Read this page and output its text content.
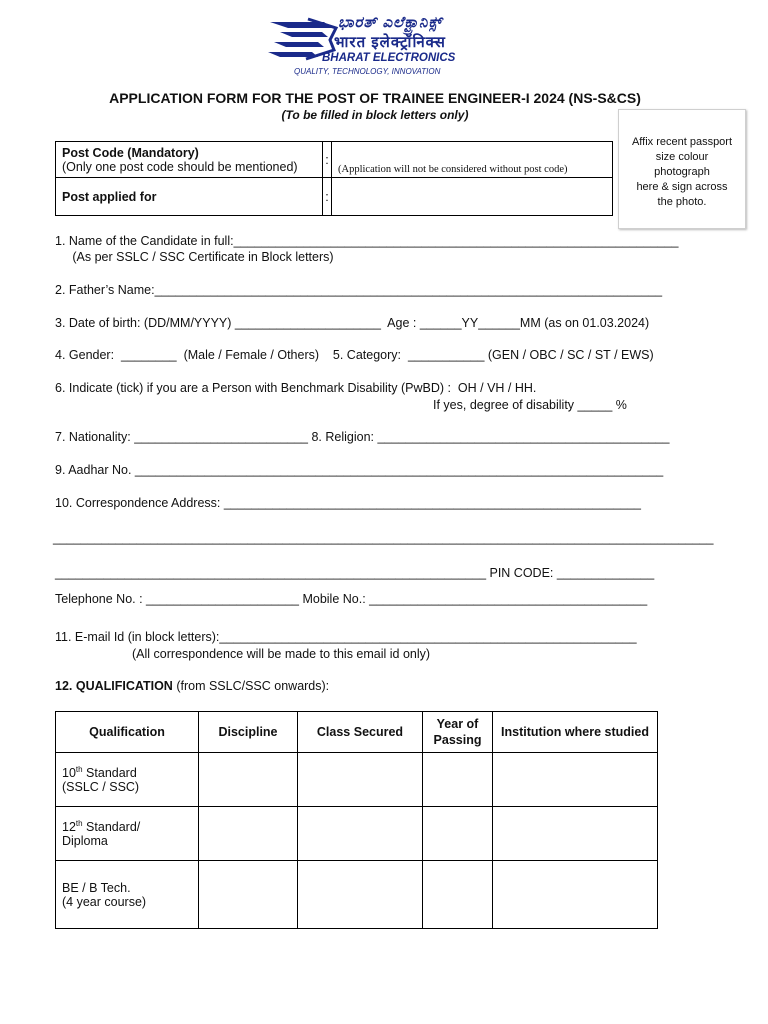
ಭಾರತ್ ಎಲೆಕ್ಟ್ರಾನಿಕ್ಸ್
भारत इलेक्ट्रॉनिक्स
BHARAT ELECTRONICS
QUALITY, TECHNOLOGY, INNOVATION
APPLICATION FORM FOR THE POST OF TRAINEE ENGINEER-I 2024 (NS-S&CS)
(To be filled in block letters only)
Affix recent passport
size colour
photograph
here & sign across
the photo.
Post Code (Mandatory)
(Only one post code should be mentioned)	:	(Application will not be considered without post code)
Post applied for	:	
1. Name of the Candidate in full:________________________________________________________________
(As per SSLC / SSC Certificate in Block letters)
2. Father’s Name:_________________________________________________________________________
3. Date of birth: (DD/MM/YYYY) _____________________  Age : ______YY______MM (as on 01.03.2024)
4. Gender:  ________  (Male / Female / Others)    5. Category:  ___________ (GEN / OBC / SC / ST / EWS)
6. Indicate (tick) if you are a Person with Benchmark Disability (PwBD) :  OH / VH / HH.
If yes, degree of disability _____ %
7. Nationality: _________________________ 8. Religion: __________________________________________
9. Aadhar No. ____________________________________________________________________________
10. Correspondence Address: ____________________________________________________________
_______________________________________________________________________________________________
______________________________________________________________ PIN CODE: ______________
Telephone No. : ______________________ Mobile No.: ________________________________________
11. E-mail Id (in block letters):____________________________________________________________
(All correspondence will be made to this email id only)
12. QUALIFICATION (from SSLC/SSC onwards):
Qualification	Discipline	Class Secured	Year of Passing	Institution where studied

10th Standard
(SSLC / SSC)				

12th Standard/
Diploma				

BE / B Tech.
(4 year course)				
